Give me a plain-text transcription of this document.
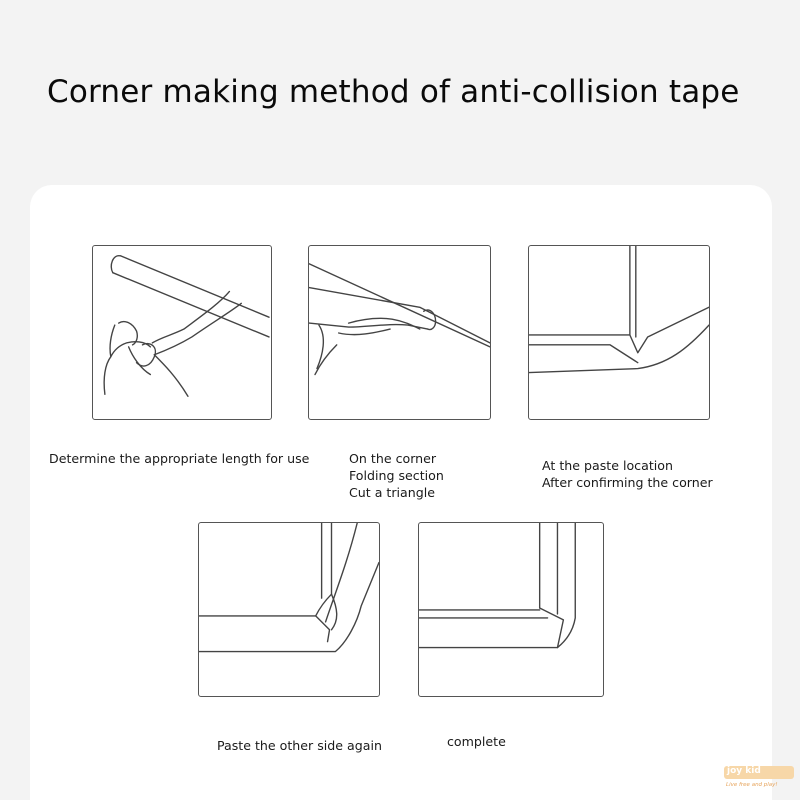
Corner making method of anti-collision tape
Determine the appropriate length for use	On the corner
Folding section
Cut a triangle
At the paste location
After confirming the corner
Paste the other side again	complete
joy kid
Live free and play!
